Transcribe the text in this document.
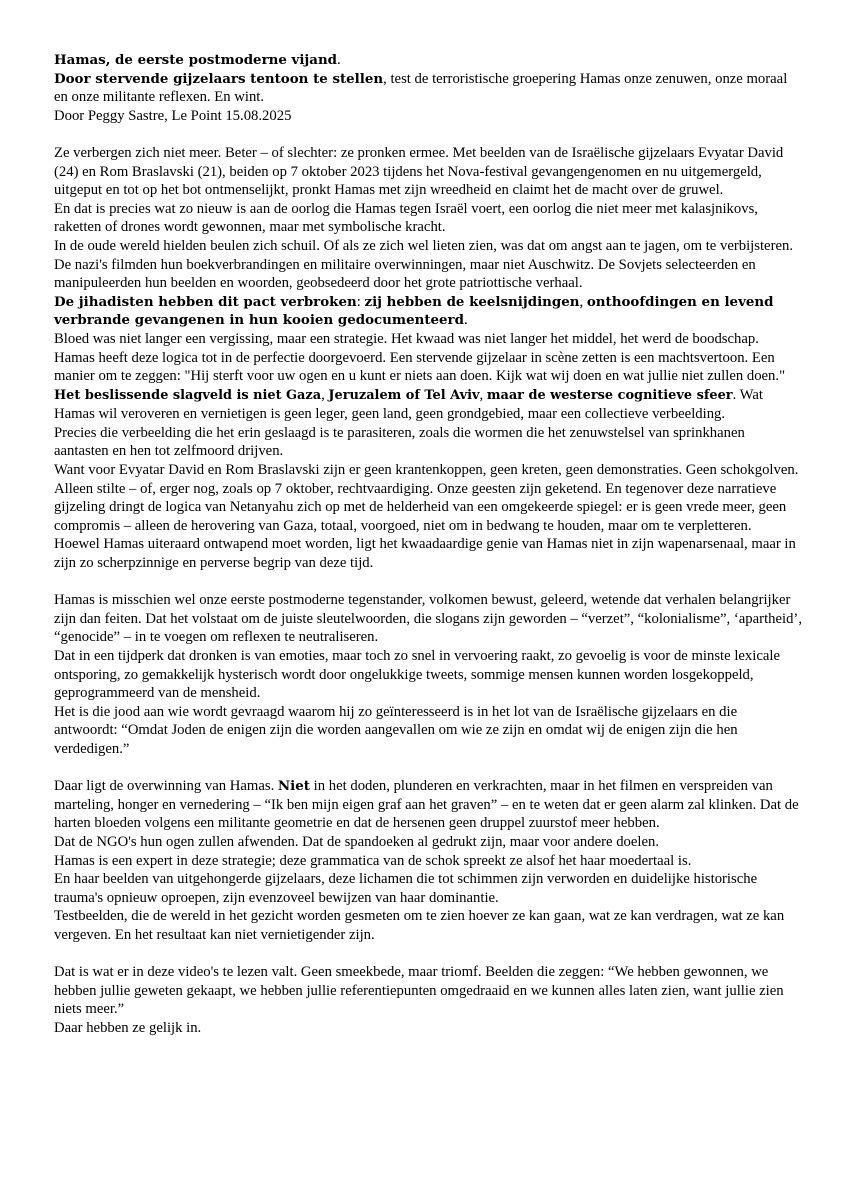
Hamas, de eerste postmoderne vijand.

Door stervende gijzelaars tentoon te stellen, test de terroristische groepering Hamas onze zenuwen, onze moraal en onze militante reflexen. En wint.

Door Peggy Sastre, Le Point 15.08.2025

Ze verbergen zich niet meer. Beter – of slechter: ze pronken ermee. Met beelden van de Israëlische gijzelaars Evyatar David (24) en Rom Braslavski (21), beiden op 7 oktober 2023 tijdens het Nova-festival gevangengenomen en nu uitgemergeld, uitgeput en tot op het bot ontmenselijkt, pronkt Hamas met zijn wreedheid en claimt het de macht over de gruwel.

En dat is precies wat zo nieuw is aan de oorlog die Hamas tegen Israël voert, een oorlog die niet meer met kalasjnikovs, raketten of drones wordt gewonnen, maar met symbolische kracht.

In de oude wereld hielden beulen zich schuil. Of als ze zich wel lieten zien, was dat om angst aan te jagen, om te verbijsteren.

De nazi's filmden hun boekverbrandingen en militaire overwinningen, maar niet Auschwitz. De Sovjets selecteerden en manipuleerden hun beelden en woorden, geobsedeerd door het grote patriottische verhaal.

De jihadisten hebben dit pact verbroken: zij hebben de keelsnijdingen, onthoofdingen en levend verbrande gevangenen in hun kooien gedocumenteerd.

Bloed was niet langer een vergissing, maar een strategie. Het kwaad was niet langer het middel, het werd de boodschap.

Hamas heeft deze logica tot in de perfectie doorgevoerd. Een stervende gijzelaar in scène zetten is een machtsvertoon. Een manier om te zeggen: "Hij sterft voor uw ogen en u kunt er niets aan doen. Kijk wat wij doen en wat jullie niet zullen doen."

Het beslissende slagveld is niet Gaza, Jeruzalem of Tel Aviv, maar de westerse cognitieve sfeer. Wat Hamas wil veroveren en vernietigen is geen leger, geen land, geen grondgebied, maar een collectieve verbeelding.

Precies die verbeelding die het erin geslaagd is te parasiteren, zoals die wormen die het zenuwstelsel van sprinkhanen aantasten en hen tot zelfmoord drijven.

Want voor Evyatar David en Rom Braslavski zijn er geen krantenkoppen, geen kreten, geen demonstraties. Geen schokgolven. Alleen stilte – of, erger nog, zoals op 7 oktober, rechtvaardiging. Onze geesten zijn geketend. En tegenover deze narratieve gijzeling dringt de logica van Netanyahu zich op met de helderheid van een omgekeerde spiegel: er is geen vrede meer, geen compromis – alleen de herovering van Gaza, totaal, voorgoed, niet om in bedwang te houden, maar om te verpletteren.

Hoewel Hamas uiteraard ontwapend moet worden, ligt het kwaadaardige genie van Hamas niet in zijn wapenarsenaal, maar in zijn zo scherpzinnige en perverse begrip van deze tijd.

Hamas is misschien wel onze eerste postmoderne tegenstander, volkomen bewust, geleerd, wetende dat verhalen belangrijker zijn dan feiten. Dat het volstaat om de juiste sleutelwoorden, die slogans zijn geworden – “verzet”, “kolonialisme”, ‘apartheid’, “genocide” – in te voegen om reflexen te neutraliseren.

Dat in een tijdperk dat dronken is van emoties, maar toch zo snel in vervoering raakt, zo gevoelig is voor de minste lexicale ontsporing, zo gemakkelijk hysterisch wordt door ongelukkige tweets, sommige mensen kunnen worden losgekoppeld, geprogrammeerd van de mensheid.

Het is die jood aan wie wordt gevraagd waarom hij zo geïnteresseerd is in het lot van de Israëlische gijzelaars en die antwoordt: “Omdat Joden de enigen zijn die worden aangevallen om wie ze zijn en omdat wij de enigen zijn die hen verdedigen.”

Daar ligt de overwinning van Hamas. Niet in het doden, plunderen en verkrachten, maar in het filmen en verspreiden van marteling, honger en vernedering – “Ik ben mijn eigen graf aan het graven” – en te weten dat er geen alarm zal klinken. Dat de harten bloeden volgens een militante geometrie en dat de hersenen geen druppel zuurstof meer hebben.

Dat de NGO's hun ogen zullen afwenden. Dat de spandoeken al gedrukt zijn, maar voor andere doelen.

Hamas is een expert in deze strategie; deze grammatica van de schok spreekt ze alsof het haar moedertaal is.

En haar beelden van uitgehongerde gijzelaars, deze lichamen die tot schimmen zijn verworden en duidelijke historische trauma's opnieuw oproepen, zijn evenzoveel bewijzen van haar dominantie.

Testbeelden, die de wereld in het gezicht worden gesmeten om te zien hoever ze kan gaan, wat ze kan verdragen, wat ze kan vergeven. En het resultaat kan niet vernietigender zijn.

Dat is wat er in deze video's te lezen valt. Geen smeekbede, maar triomf. Beelden die zeggen: “We hebben gewonnen, we hebben jullie geweten gekaapt, we hebben jullie referentiepunten omgedraaid en we kunnen alles laten zien, want jullie zien niets meer.”

Daar hebben ze gelijk in.
